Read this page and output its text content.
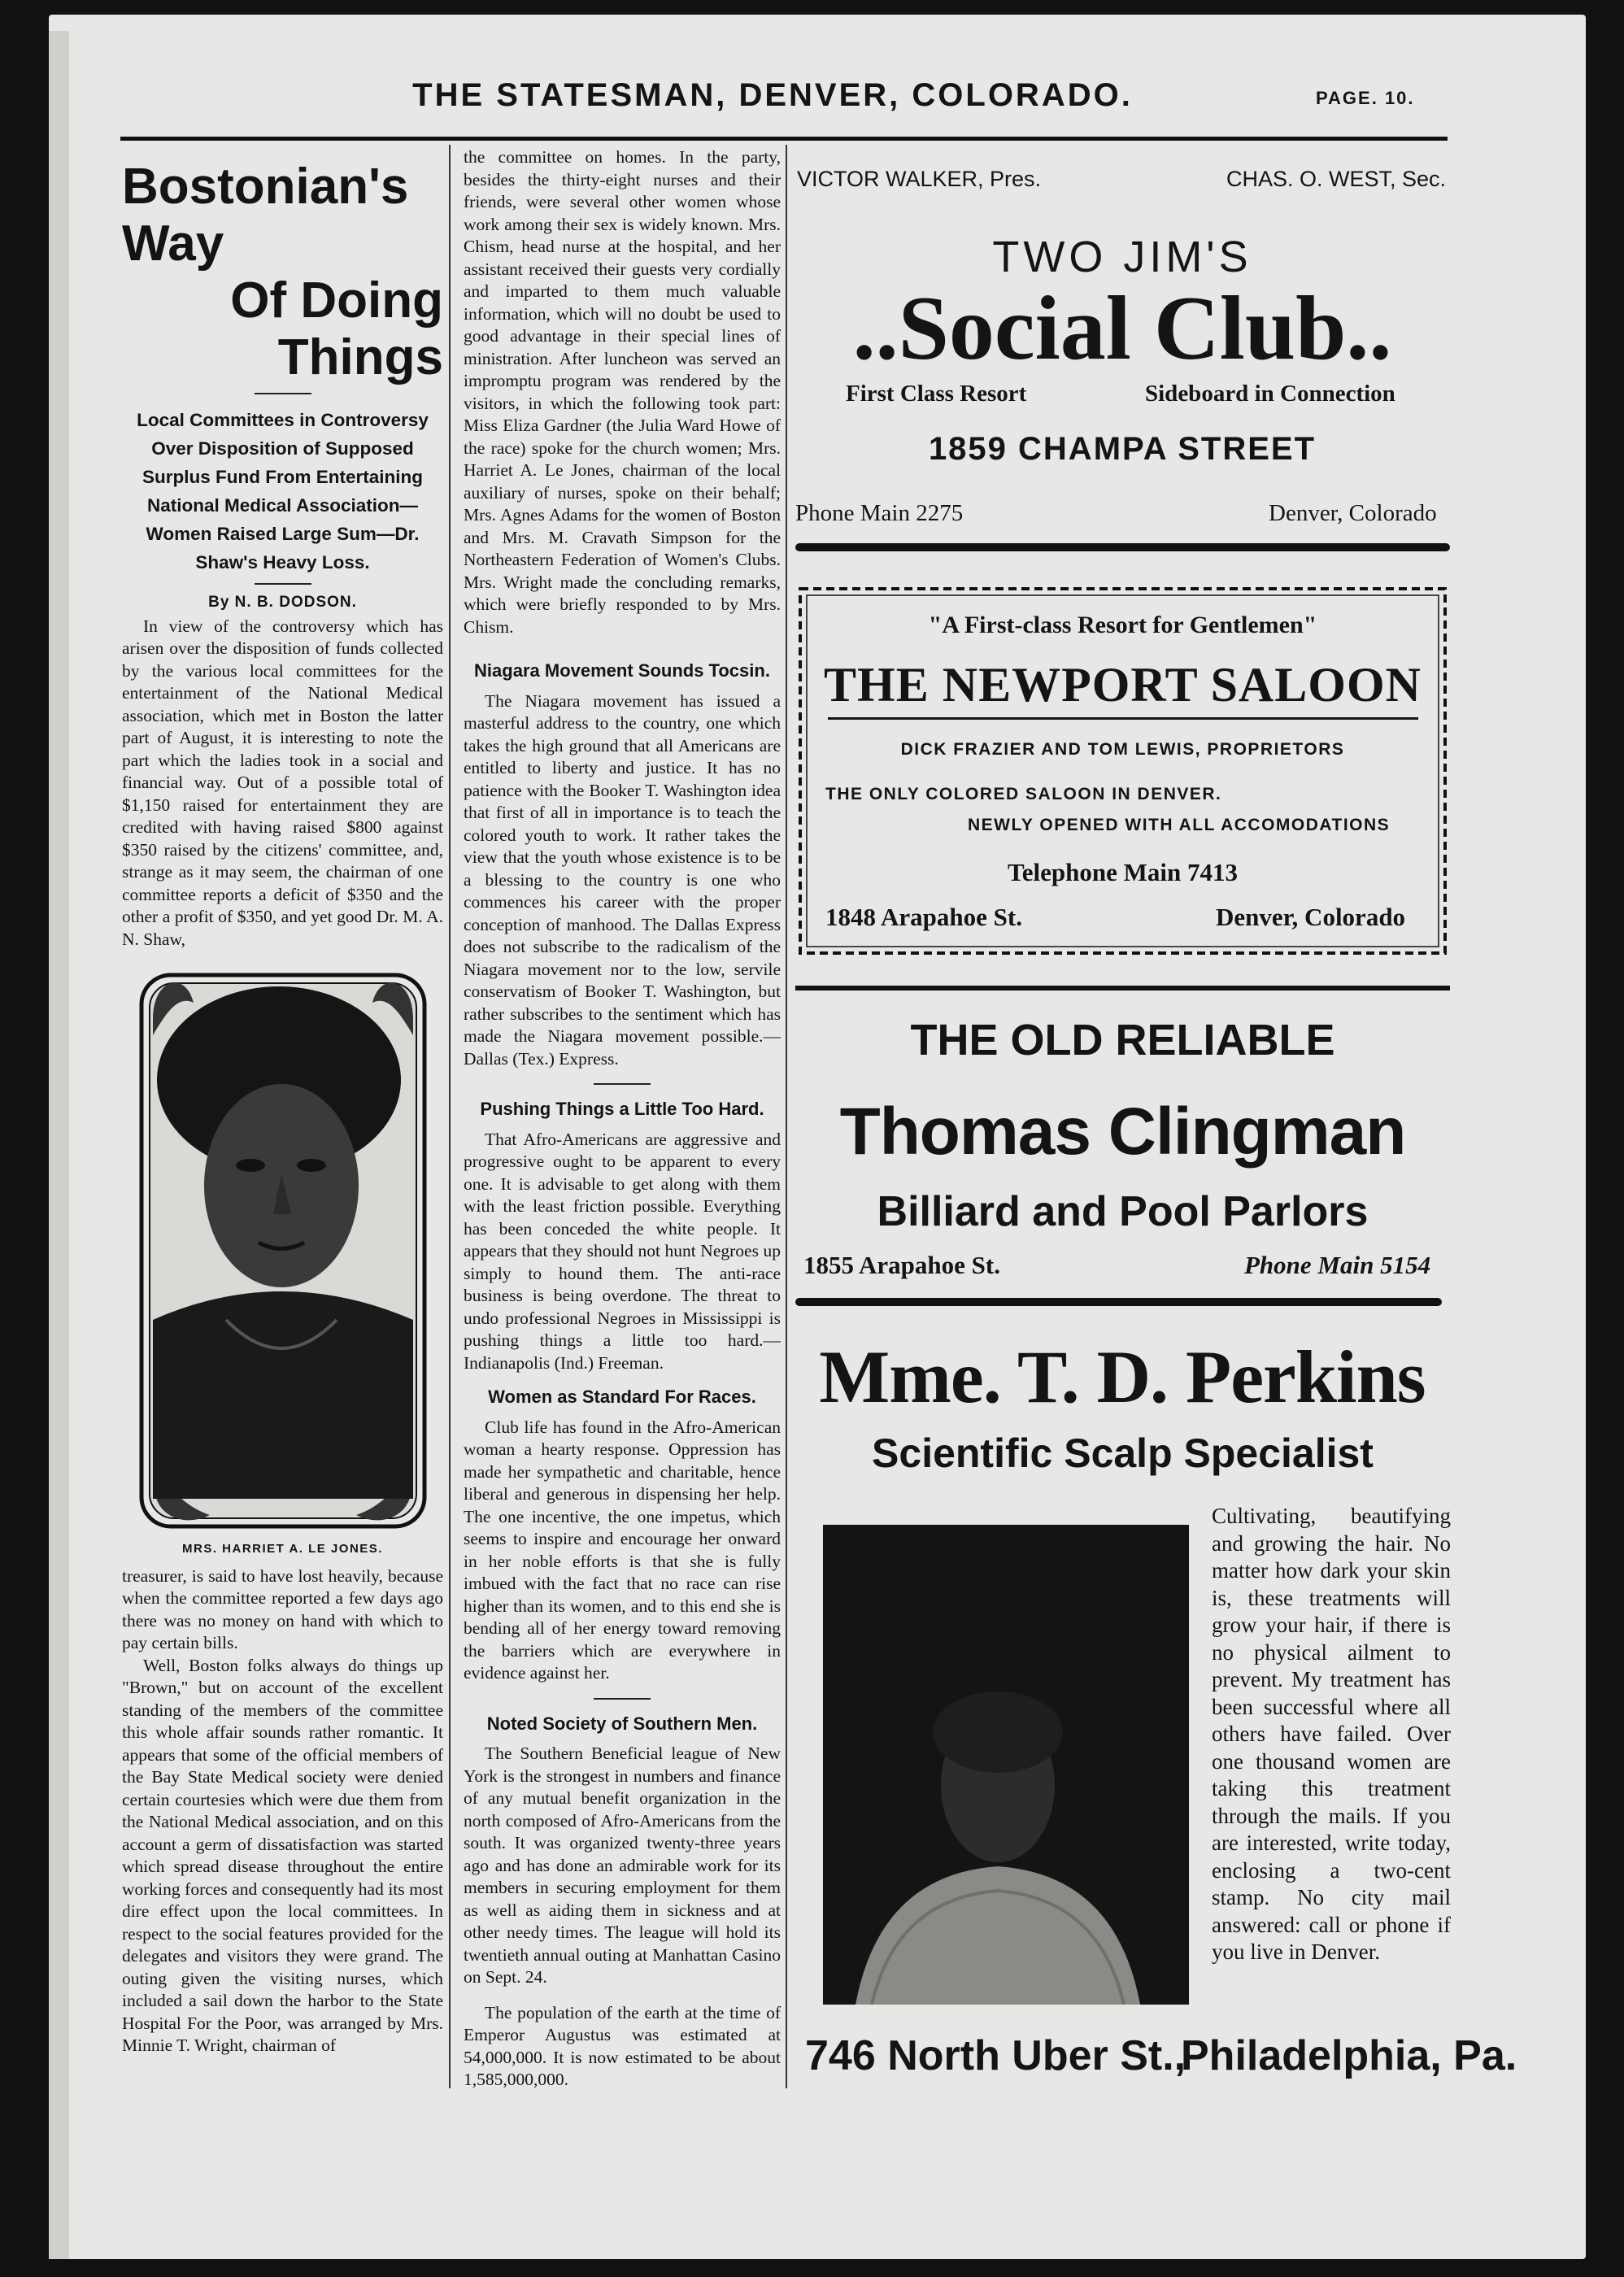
THE STATESMAN, DENVER, COLORADO.	PAGE. 10.
Bostonian's Way
Of Doing Things
Local Committees in Controversy Over Disposition of Supposed Surplus Fund From Entertaining National Medical Association—Women Raised Large Sum—Dr. Shaw's Heavy Loss.
By N. B. DODSON.

In view of the controversy which has arisen over the disposition of funds collected by the various local committees for the entertainment of the National Medical association, which met in Boston the latter part of August, it is interesting to note the part which the ladies took in a social and financial way. Out of a possible total of $1,150 raised for entertainment they are credited with having raised $800 against $350 raised by the citizens' committee, and, strange as it may seem, the chairman of one committee reports a deficit of $350 and the other a profit of $350, and yet good Dr. M. A. N. Shaw,

MRS. HARRIET A. LE JONES.

treasurer, is said to have lost heavily, because when the committee reported a few days ago there was no money on hand with which to pay certain bills.

Well, Boston folks always do things up "Brown," but on account of the excellent standing of the members of the committee this whole affair sounds rather romantic. It appears that some of the official members of the Bay State Medical society were denied certain courtesies which were due them from the National Medical association, and on this account a germ of dissatisfaction was started which spread disease throughout the entire working forces and consequently had its most dire effect upon the local committees. In respect to the social features provided for the delegates and visitors they were grand. The outing given the visiting nurses, which included a sail down the harbor to the State Hospital For the Poor, was arranged by Mrs. Minnie T. Wright, chairman of

the committee on homes. In the party, besides the thirty-eight nurses and their friends, were several other women whose work among their sex is widely known. Mrs. Chism, head nurse at the hospital, and her assistant received their guests very cordially and imparted to them much valuable information, which will no doubt be used to good advantage in their special lines of ministration. After luncheon was served an impromptu program was rendered by the visitors, in which the following took part: Miss Eliza Gardner (the Julia Ward Howe of the race) spoke for the church women; Mrs. Harriet A. Le Jones, chairman of the local auxiliary of nurses, spoke on their behalf; Mrs. Agnes Adams for the women of Boston and Mrs. M. Cravath Simpson for the Northeastern Federation of Women's Clubs. Mrs. Wright made the concluding remarks, which were briefly responded to by Mrs. Chism.

Niagara Movement Sounds Tocsin.

The Niagara movement has issued a masterful address to the country, one which takes the high ground that all Americans are entitled to liberty and justice. It has no patience with the Booker T. Washington idea that first of all in importance is to teach the colored youth to work. It rather takes the view that the youth whose existence is to be a blessing to the country is one who commences his career with the proper conception of manhood. The Dallas Express does not subscribe to the radicalism of the Niagara movement nor to the low, servile conservatism of Booker T. Washington, but rather subscribes to the sentiment which has made the Niagara movement possible.—Dallas (Tex.) Express.

Pushing Things a Little Too Hard.

That Afro-Americans are aggressive and progressive ought to be apparent to every one. It is advisable to get along with them with the least friction possible. Everything has been conceded the white people. It appears that they should not hunt Negroes up simply to hound them. The anti-race business is being overdone. The threat to undo professional Negroes in Mississippi is pushing things a little too hard.—Indianapolis (Ind.) Freeman.

Women as Standard For Races.

Club life has found in the Afro-American woman a hearty response. Oppression has made her sympathetic and charitable, hence liberal and generous in dispensing her help. The one incentive, the one impetus, which seems to inspire and encourage her onward in her noble efforts is that she is fully imbued with the fact that no race can rise higher than its women, and to this end she is bending all of her energy toward removing the barriers which are everywhere in evidence against her.

Noted Society of Southern Men.

The Southern Beneficial league of New York is the strongest in numbers and finance of any mutual benefit organization in the north composed of Afro-Americans from the south. It was organized twenty-three years ago and has done an admirable work for its members in securing employment for them as well as aiding them in sickness and at other needy times. The league will hold its twentieth annual outing at Manhattan Casino on Sept. 24.

The population of the earth at the time of Emperor Augustus was estimated at 54,000,000. It is now estimated to be about 1,585,000,000.

VICTOR WALKER, Pres.	CHAS. O. WEST, Sec.
TWO JIM'S
..Social Club..
First Class Resort	Sideboard in Connection
1859 CHAMPA STREET
Phone Main 2275	Denver, Colorado
"A First-class Resort for Gentlemen"
THE NEWPORT SALOON
DICK FRAZIER AND TOM LEWIS, PROPRIETORS
THE ONLY COLORED SALOON IN DENVER.
NEWLY OPENED WITH ALL ACCOMODATIONS
Telephone Main 7413
1848 Arapahoe St.	Denver, Colorado
THE OLD RELIABLE
Thomas Clingman
Billiard and Pool Parlors
1855 Arapahoe St.	Phone Main 5154
Mme. T. D. Perkins
Scientific Scalp Specialist
Cultivating, beautifying and growing the hair. No matter how dark your skin is, these treatments will grow your hair, if there is no physical ailment to prevent. My treatment has been successful where all others have failed. Over one thousand women are taking this treatment through the mails. If you are interested, write today, enclosing a two-cent stamp. No city mail answered: call or phone if you live in Denver.
746 North Uber St.,
Philadelphia, Pa.
